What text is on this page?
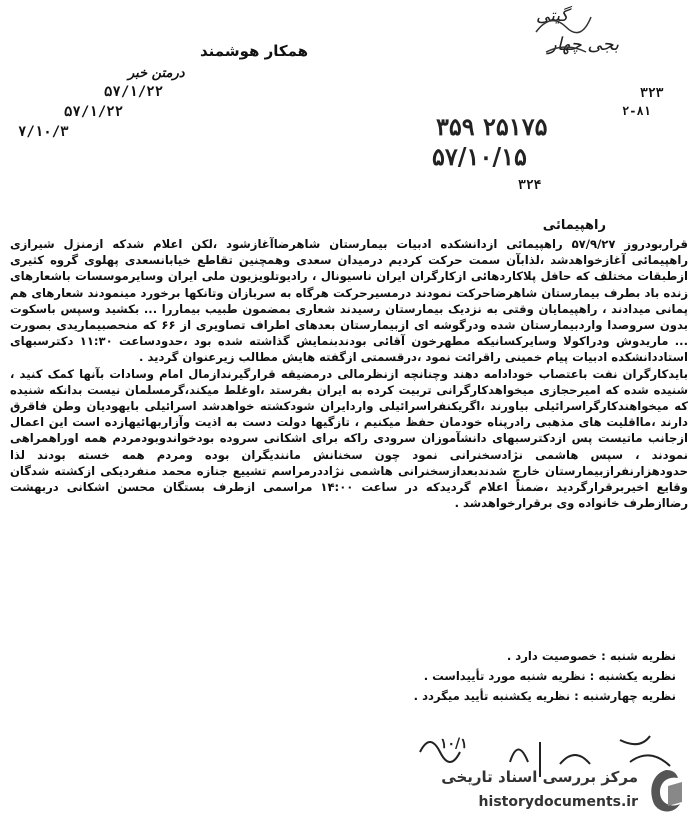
گیتی
بجی چهار
همکار هوشمند
درمتن خبر
۵۷/۱/۲۲
۵۷/۱/۲۲
۷/۱۰/۳
۳۲۳
۲-۸۱
۳۵۹ ۲۵۱۷۵
۵۷/۱۰/۱۵
۳۲۴
راهپیمائی

قراربودروز ۵۷/۹/۲۷ راهپیمائی ازدانشکده ادبیات بیمارستان شاهرضاآغازشود ،لکن اعلام شدکه ازمنزل شیرازی راهپیمائی آغازخواهدشد ،لذابآن سمت حرکت کردیم درمیدان سعدی وهمچنین تقاطع خیابانسعدی پهلوی گروه کثیری ازطبقات مختلف که حافل پلاکاردهائی ازکارگران ایران ناسیونال ، رادیوتلویزیون ملی ایران وسایرموسسات باشعارهای زنده باد بطرف بیمارستان شاهرضاحرکت نمودند درمسیرحرکت هرگاه به سربازان وتانکها برخورد مینمودند شعارهای هم پمانی میدادند ، راهپیمایان وقتی به نزدیک بیمارستان رسیدند شعاری بمضمون طبیب بیماررا ... بکشید وسپس باسکوت بدون سروصدا واردبیمارستان شده ودرگوشه ای ازبیمارستان بعدهای اطراف تصاویری از ۶۶ که منحصبیماریدی بصورت ... ماریدوش ودراکولا وسایرکسانیکه مطهرخون آقائی بودندبنمایش گذاشته شده بود ،حدودساعت ۱۱:۳۰ دکترسبهای استاددانشکده ادبیات پیام خمینی راقرائت نمود ،درقسمتی ازگفته هایش مطالب زیرعنوان گردید .

بایدکارگران نفت باعتصاب خودادامه دهند وچنانچه ازنظرمالی درمضیقه قرارگیرندازمال امام وسادات بآنها کمک کنید ، شنیده شده که امیرحجازی میخواهدکارگرانی تربیت کرده به ایران بفرستد ،اوغلط میکند،گرمسلمان نیست بدانکه شنیده که میخواهندکارگراسرائیلی بیاورند ،اگریکنفراسرائیلی واردایران شودکشته خواهدشد اسرائیلی بایهودیان وطن فاقرق دارند ،مااقلیت های مذهبی رادرپناه خودمان حفظ میکنیم ، تازگیها دولت دست به اذیت وآزاربهائیهازده است این اعمال ازجانب ماتیست پس ازدکترسبهای دانشآموزان سرودی راکه برای اشکانی سروده بودخواندوبودمردم همه اوراهمراهی نمودند ، سپس هاشمی نژادسخنرانی نمود چون سخنانش مانندیگران بوده ومردم همه خسته بودند لذا حدودهزارنفرازبیمارستان خارج شدندبعدازسخنرانی هاشمی نژاددرمراسم تشییع جنازه محمد منفردیکی ازکشته شدگان وقایع اخیربرقرارگردید ،ضمناً اعلام گردیدکه در ساعت ۱۴:۰۰ مراسمی ازطرف بستگان محسن اشکانی دربهشت رضاازطرف خانواده وی برقرارخواهدشد .

نظریه شنبه : خصوصیت دارد .
نظریه یکشنبه : نظریه شنبه مورد تأییداست .
نظریه چهارشنبه : نظریه یکشنبه تأیید میگردد .
۱۰/۱
مرکز بررسی اسناد تاریخی
historydocuments.ir
